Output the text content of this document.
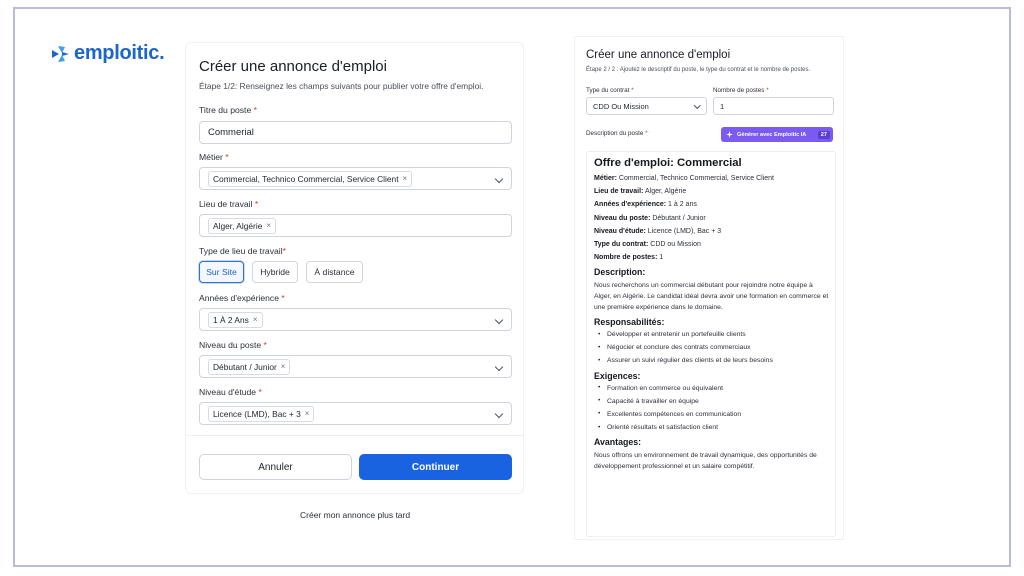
emploitic.
Créer une annonce d'emploi
Étape 1/2: Renseignez les champs suivants pour publier votre offre d'emploi.
Titre du poste *
Commerial
Métier *
Commercial, Technico Commercial, Service Client ×
Lieu de travail *
Alger, Algérie ×
Type de lieu de travail*
Sur Site	Hybride	À distance
Années d'expérience *
1 À 2 Ans ×
Niveau du poste *
Débutant / Junior ×
Niveau d'étude *
Licence (LMD), Bac + 3 ×
Annuler	Continuer
Créer mon annonce plus tard
Créer une annonce d'emploi
Étape 2 / 2 : Ajoutez le descriptif du poste, le type du contrat et le nombre de postes.
Type du contrat *
CDD Ou Mission
Nombre de postes *
1
Description du poste *	Générer avec Emploitic IA	27
Offre d'emploi: Commercial
Métier: Commercial, Technico Commercial, Service Client
Lieu de travail: Alger, Algérie
Années d'expérience: 1 à 2 ans
Niveau du poste: Débutant / Junior
Niveau d'étude: Licence (LMD), Bac + 3
Type du contrat: CDD ou Mission
Nombre de postes: 1
Description:
Nous recherchons un commercial débutant pour rejoindre notre équipe à Alger, en Algérie. Le candidat idéal devra avoir une formation en commerce et une première expérience dans le domaine.
Responsabilités:
• Développer et entretenir un portefeuille clients
• Négocier et conclure des contrats commerciaux
• Assurer un suivi régulier des clients et de leurs besoins
Exigences:
• Formation en commerce ou équivalent
• Capacité à travailler en équipe
• Excellentes compétences en communication
• Orienté résultats et satisfaction client
Avantages:
Nous offrons un environnement de travail dynamique, des opportunités de développement professionnel et un salaire compétitif.
